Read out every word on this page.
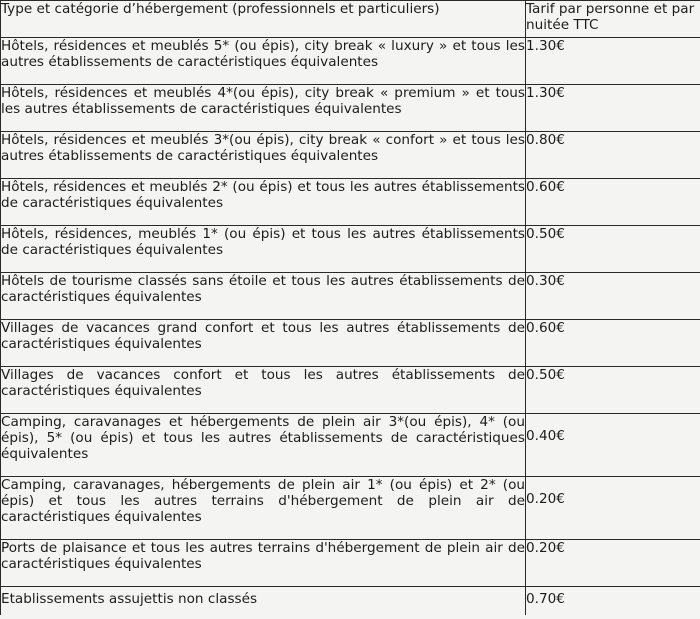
Type et catégorie d’hébergement (professionnels et particuliers)	Tarif par personne et par nuitée TTC
Hôtels, résidences et meublés 5* (ou épis), city break « luxury » et tous les autres établissements de caractéristiques équivalentes	1.30€
Hôtels, résidences et meublés 4*(ou épis), city break « premium » et tous les autres établissements de caractéristiques équivalentes	1.30€
Hôtels, résidences et meublés 3*(ou épis), city break « confort » et tous les autres établissements de caractéristiques équivalentes	0.80€
Hôtels, résidences et meublés 2* (ou épis) et tous les autres établissements de caractéristiques équivalentes	0.60€
Hôtels, résidences, meublés 1* (ou épis) et tous les autres établissements de caractéristiques équivalentes	0.50€
Hôtels de tourisme classés sans étoile et tous les autres établissements de caractéristiques équivalentes	0.30€
Villages de vacances grand confort et tous les autres établissements de caractéristiques équivalentes	0.60€
Villages de vacances confort et tous les autres établissements de caractéristiques équivalentes	0.50€
Camping, caravanages et hébergements de plein air 3*(ou épis), 4* (ou épis), 5* (ou épis) et tous les autres établissements de caractéristiques équivalentes	0.40€
Camping, caravanages, hébergements de plein air 1* (ou épis) et 2* (ou épis) et tous les autres terrains d'hébergement de plein air de caractéristiques équivalentes	0.20€
Ports de plaisance et tous les autres terrains d'hébergement de plein air de caractéristiques équivalentes	0.20€
Etablissements assujettis non classés	0.70€
